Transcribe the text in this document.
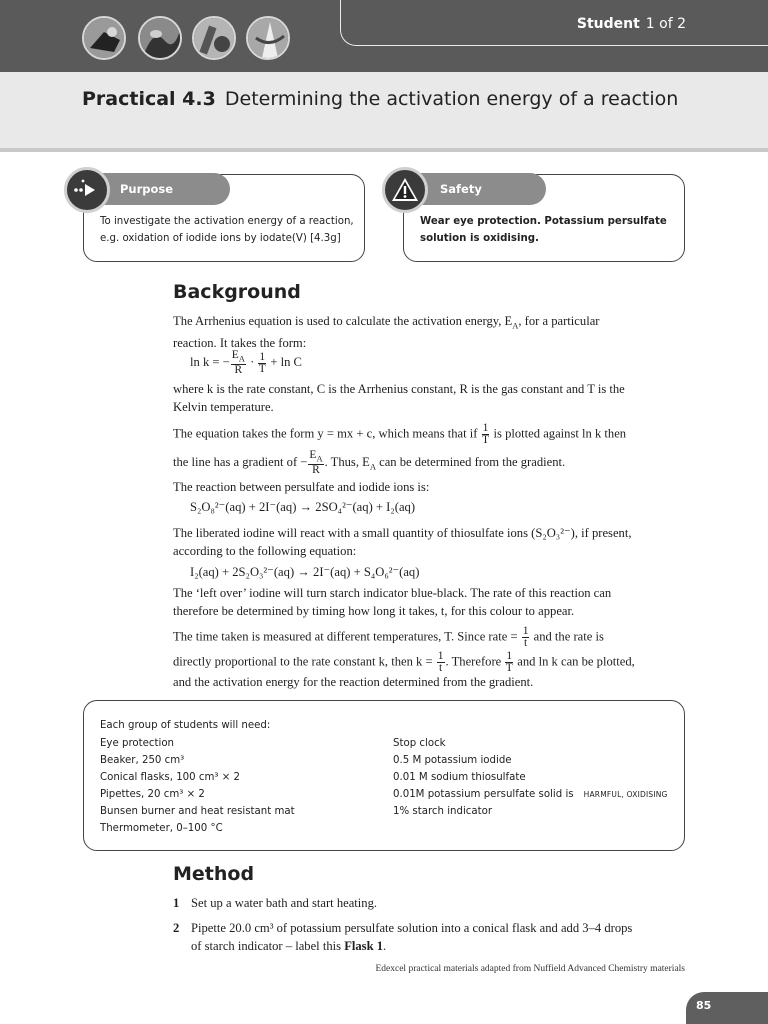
Student 1 of 2
Practical 4.3 Determining the activation energy of a reaction
Purpose
To investigate the activation energy of a reaction,
e.g. oxidation of iodide ions by iodate(V) [4.3g]
Safety
Wear eye protection. Potassium persulfate
solution is oxidising.
Background
The Arrhenius equation is used to calculate the activation energy, $E_A$, for a particular
reaction. It takes the form:
ln k = − $\frac{E_A}{R} \cdot \frac{1}{T} + \ln C$
where k is the rate constant, C is the Arrhenius constant, R is the gas constant and T is the
Kelvin temperature.
The equation takes the form y = mx + c, which means that if $\frac{1}{T}$ is plotted against ln k then
the line has a gradient of − $\frac{E_A}{R}$ . Thus, $E_A$ can be determined from the gradient.
The reaction between persulfate and iodide ions is:
S₂O₈²⁻(aq) + 2I⁻(aq) → 2SO₄²⁻(aq) + I₂(aq)
The liberated iodine will react with a small quantity of thiosulfate ions (S₂O₃²⁻), if present,
according to the following equation:
I₂(aq) + 2S₂O₃²⁻(aq) → 2I⁻(aq) + S₄O₆²⁻(aq)
The ‘left over’ iodine will turn starch indicator blue-black. The rate of this reaction can
therefore be determined by timing how long it takes, t, for this colour to appear.
The time taken is measured at different temperatures, T. Since rate = $\frac{1}{t}$ and the rate is
directly proportional to the rate constant k, then $k = \frac{1}{t}$ . Therefore $\frac{1}{T}$ and ln k can be plotted,
and the activation energy for the reaction determined from the gradient.
Each group of students will need:
Eye protection
Beaker, 250 cm³
Conical flasks, 100 cm³ × 2
Pipettes, 20 cm³ × 2
Bunsen burner and heat resistant mat
Thermometer, 0–100 °C
Stop clock
0.5 M potassium iodide
0.01 M sodium thiosulfate
0.01M potassium persulfate solid is HARMFUL, OXIDISING
1% starch indicator
Method
1 Set up a water bath and start heating.
2 Pipette 20.0 cm³ of potassium persulfate solution into a conical flask and add 3–4 drops
of starch indicator – label this Flask 1.
Edexcel practical materials adapted from Nuffield Advanced Chemistry materials
85
